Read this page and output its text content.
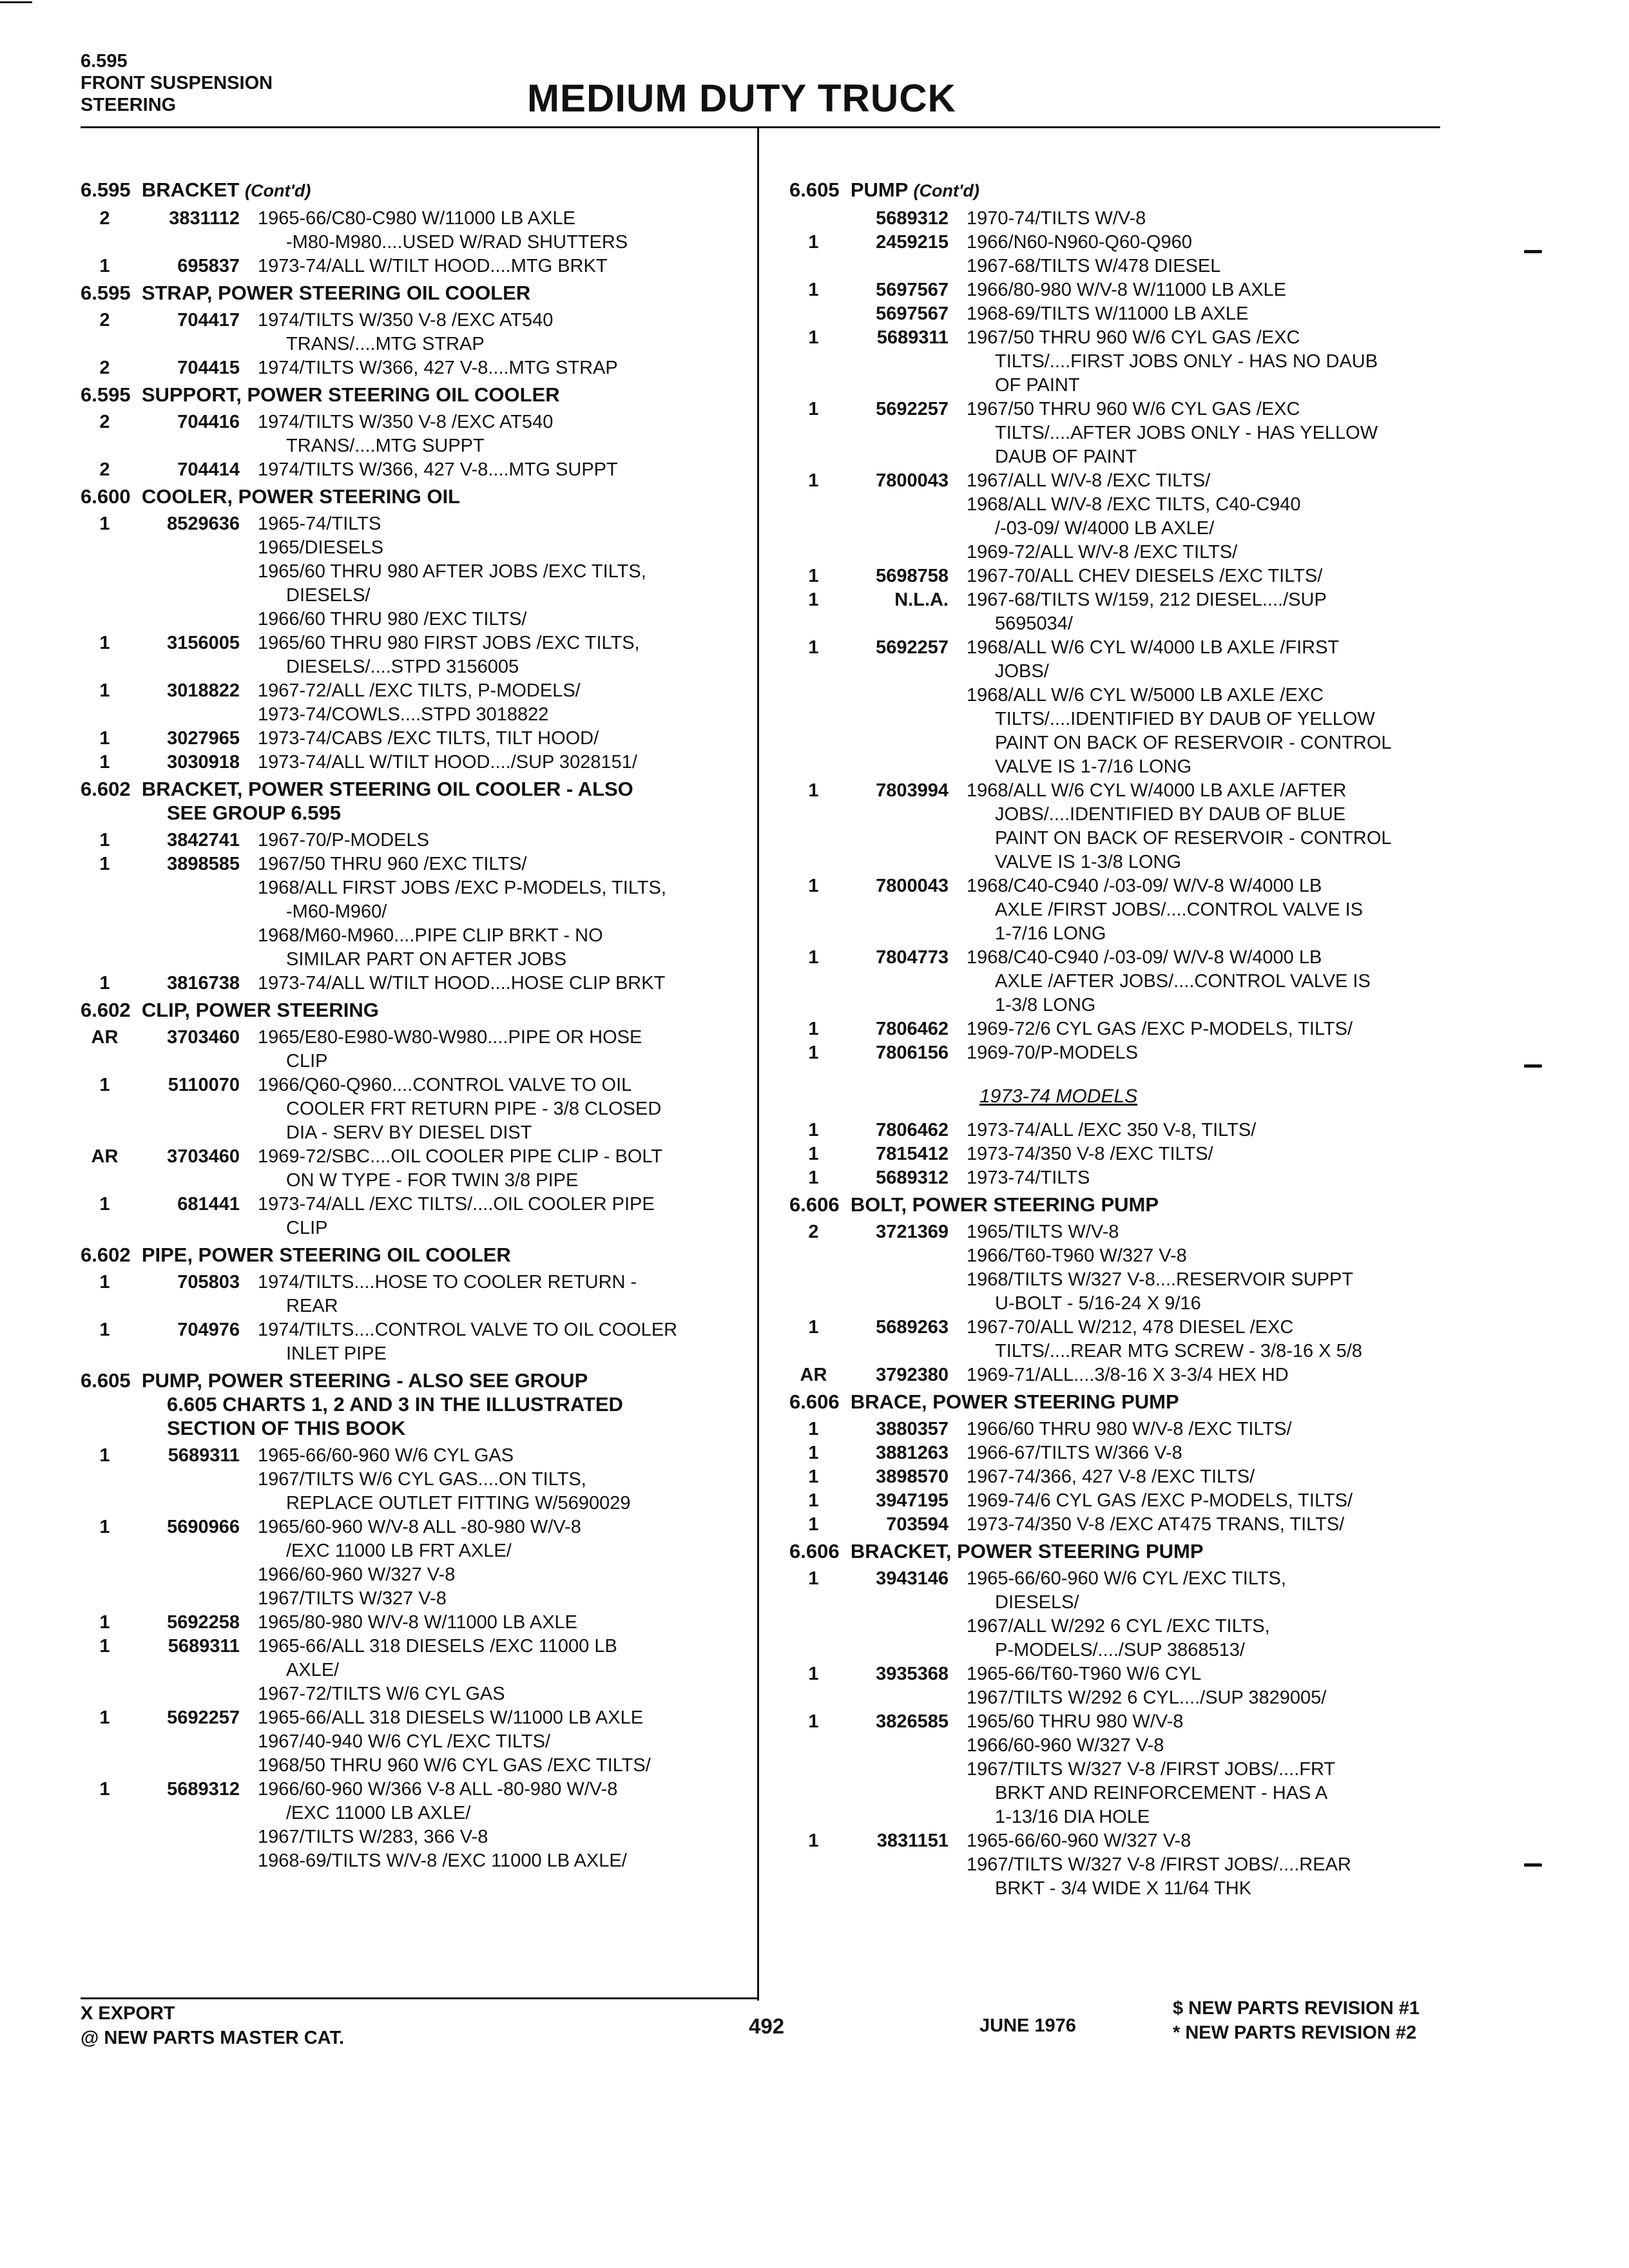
6.595
FRONT SUSPENSION
STEERING	MEDIUM DUTY TRUCK
6.595 BRACKET (Cont'd)
2	3831112 1965-66/C80-C980 W/11000 LB AXLE
-M80-M980....USED W/RAD SHUTTERS
1	695837 1973-74/ALL W/TILT HOOD....MTG BRKT
6.595 STRAP, POWER STEERING OIL COOLER
2	704417 1974/TILTS W/350 V-8 /EXC AT540
TRANS/....MTG STRAP
2	704415 1974/TILTS W/366, 427 V-8....MTG STRAP
6.595 SUPPORT, POWER STEERING OIL COOLER
2	704416 1974/TILTS W/350 V-8 /EXC AT540
TRANS/....MTG SUPPT
2	704414 1974/TILTS W/366, 427 V-8....MTG SUPPT
6.600 COOLER, POWER STEERING OIL
1	8529636 1965-74/TILTS
1965/DIESELS
1965/60 THRU 980 AFTER JOBS /EXC TILTS,
DIESELS/
1966/60 THRU 980 /EXC TILTS/
1	3156005 1965/60 THRU 980 FIRST JOBS /EXC TILTS,
DIESELS/....STPD 3156005
1	3018822 1967-72/ALL /EXC TILTS, P-MODELS/
1973-74/COWLS....STPD 3018822
1	3027965 1973-74/CABS /EXC TILTS, TILT HOOD/
1	3030918 1973-74/ALL W/TILT HOOD..../SUP 3028151/
6.602 BRACKET, POWER STEERING OIL COOLER - ALSO
SEE GROUP 6.595
1	3842741 1967-70/P-MODELS
1	3898585 1967/50 THRU 960 /EXC TILTS/
1968/ALL FIRST JOBS /EXC P-MODELS, TILTS,
-M60-M960/
1968/M60-M960....PIPE CLIP BRKT - NO
SIMILAR PART ON AFTER JOBS
1	3816738 1973-74/ALL W/TILT HOOD....HOSE CLIP BRKT
6.602 CLIP, POWER STEERING
AR	3703460 1965/E80-E980-W80-W980....PIPE OR HOSE
CLIP
1	5110070 1966/Q60-Q960....CONTROL VALVE TO OIL
COOLER FRT RETURN PIPE - 3/8 CLOSED
DIA - SERV BY DIESEL DIST
AR	3703460 1969-72/SBC....OIL COOLER PIPE CLIP - BOLT
ON W TYPE - FOR TWIN 3/8 PIPE
1	681441 1973-74/ALL /EXC TILTS/....OIL COOLER PIPE
CLIP
6.602 PIPE, POWER STEERING OIL COOLER
1	705803 1974/TILTS....HOSE TO COOLER RETURN -
REAR
1	704976 1974/TILTS....CONTROL VALVE TO OIL COOLER
INLET PIPE
6.605 PUMP, POWER STEERING - ALSO SEE GROUP
6.605 CHARTS 1, 2 AND 3 IN THE ILLUSTRATED
SECTION OF THIS BOOK
1	5689311 1965-66/60-960 W/6 CYL GAS
1967/TILTS W/6 CYL GAS....ON TILTS,
REPLACE OUTLET FITTING W/5690029
1	5690966 1965/60-960 W/V-8 ALL -80-980 W/V-8
/EXC 11000 LB FRT AXLE/
1966/60-960 W/327 V-8
1967/TILTS W/327 V-8
1	5692258 1965/80-980 W/V-8 W/11000 LB AXLE
1	5689311 1965-66/ALL 318 DIESELS /EXC 11000 LB
AXLE/
1967-72/TILTS W/6 CYL GAS
1	5692257 1965-66/ALL 318 DIESELS W/11000 LB AXLE
1967/40-940 W/6 CYL /EXC TILTS/
1968/50 THRU 960 W/6 CYL GAS /EXC TILTS/
1	5689312 1966/60-960 W/366 V-8 ALL -80-980 W/V-8
/EXC 11000 LB AXLE/
1967/TILTS W/283, 366 V-8
1968-69/TILTS W/V-8 /EXC 11000 LB AXLE/
6.605 PUMP (Cont'd)
5689312 1970-74/TILTS W/V-8
1	2459215 1966/N60-N960-Q60-Q960
1967-68/TILTS W/478 DIESEL
1	5697567 1966/80-980 W/V-8 W/11000 LB AXLE
5697567 1968-69/TILTS W/11000 LB AXLE
1	5689311 1967/50 THRU 960 W/6 CYL GAS /EXC
TILTS/....FIRST JOBS ONLY - HAS NO DAUB
OF PAINT
1	5692257 1967/50 THRU 960 W/6 CYL GAS /EXC
TILTS/....AFTER JOBS ONLY - HAS YELLOW
DAUB OF PAINT
1	7800043 1967/ALL W/V-8 /EXC TILTS/
1968/ALL W/V-8 /EXC TILTS, C40-C940
/-03-09/ W/4000 LB AXLE/
1969-72/ALL W/V-8 /EXC TILTS/
1	5698758 1967-70/ALL CHEV DIESELS /EXC TILTS/
1	N.L.A. 1967-68/TILTS W/159, 212 DIESEL..../SUP
5695034/
1	5692257 1968/ALL W/6 CYL W/4000 LB AXLE /FIRST
JOBS/
1968/ALL W/6 CYL W/5000 LB AXLE /EXC
TILTS/....IDENTIFIED BY DAUB OF YELLOW
PAINT ON BACK OF RESERVOIR - CONTROL
VALVE IS 1-7/16 LONG
1	7803994 1968/ALL W/6 CYL W/4000 LB AXLE /AFTER
JOBS/....IDENTIFIED BY DAUB OF BLUE
PAINT ON BACK OF RESERVOIR - CONTROL
VALVE IS 1-3/8 LONG
1	7800043 1968/C40-C940 /-03-09/ W/V-8 W/4000 LB
AXLE /FIRST JOBS/....CONTROL VALVE IS
1-7/16 LONG
1	7804773 1968/C40-C940 /-03-09/ W/V-8 W/4000 LB
AXLE /AFTER JOBS/....CONTROL VALVE IS
1-3/8 LONG
1	7806462 1969-72/6 CYL GAS /EXC P-MODELS, TILTS/
1	7806156 1969-70/P-MODELS
1973-74 MODELS
1	7806462 1973-74/ALL /EXC 350 V-8, TILTS/
1	7815412 1973-74/350 V-8 /EXC TILTS/
1	5689312 1973-74/TILTS
6.606 BOLT, POWER STEERING PUMP
2	3721369 1965/TILTS W/V-8
1966/T60-T960 W/327 V-8
1968/TILTS W/327 V-8....RESERVOIR SUPPT
U-BOLT - 5/16-24 X 9/16
1	5689263 1967-70/ALL W/212, 478 DIESEL /EXC
TILTS/....REAR MTG SCREW - 3/8-16 X 5/8
AR	3792380 1969-71/ALL....3/8-16 X 3-3/4 HEX HD
6.606 BRACE, POWER STEERING PUMP
1	3880357 1966/60 THRU 980 W/V-8 /EXC TILTS/
1	3881263 1966-67/TILTS W/366 V-8
1	3898570 1967-74/366, 427 V-8 /EXC TILTS/
1	3947195 1969-74/6 CYL GAS /EXC P-MODELS, TILTS/
1	703594 1973-74/350 V-8 /EXC AT475 TRANS, TILTS/
6.606 BRACKET, POWER STEERING PUMP
1	3943146 1965-66/60-960 W/6 CYL /EXC TILTS,
DIESELS/
1967/ALL W/292 6 CYL /EXC TILTS,
P-MODELS/..../SUP 3868513/
1	3935368 1965-66/T60-T960 W/6 CYL
1967/TILTS W/292 6 CYL..../SUP 3829005/
1	3826585 1965/60 THRU 980 W/V-8
1966/60-960 W/327 V-8
1967/TILTS W/327 V-8 /FIRST JOBS/....FRT
BRKT AND REINFORCEMENT - HAS A
1-13/16 DIA HOLE
1	3831151 1965-66/60-960 W/327 V-8
1967/TILTS W/327 V-8 /FIRST JOBS/....REAR
BRKT - 3/4 WIDE X 11/64 THK
X EXPORT
@ NEW PARTS MASTER CAT.	492	JUNE 1976
$ NEW PARTS REVISION #1
* NEW PARTS REVISION #2
